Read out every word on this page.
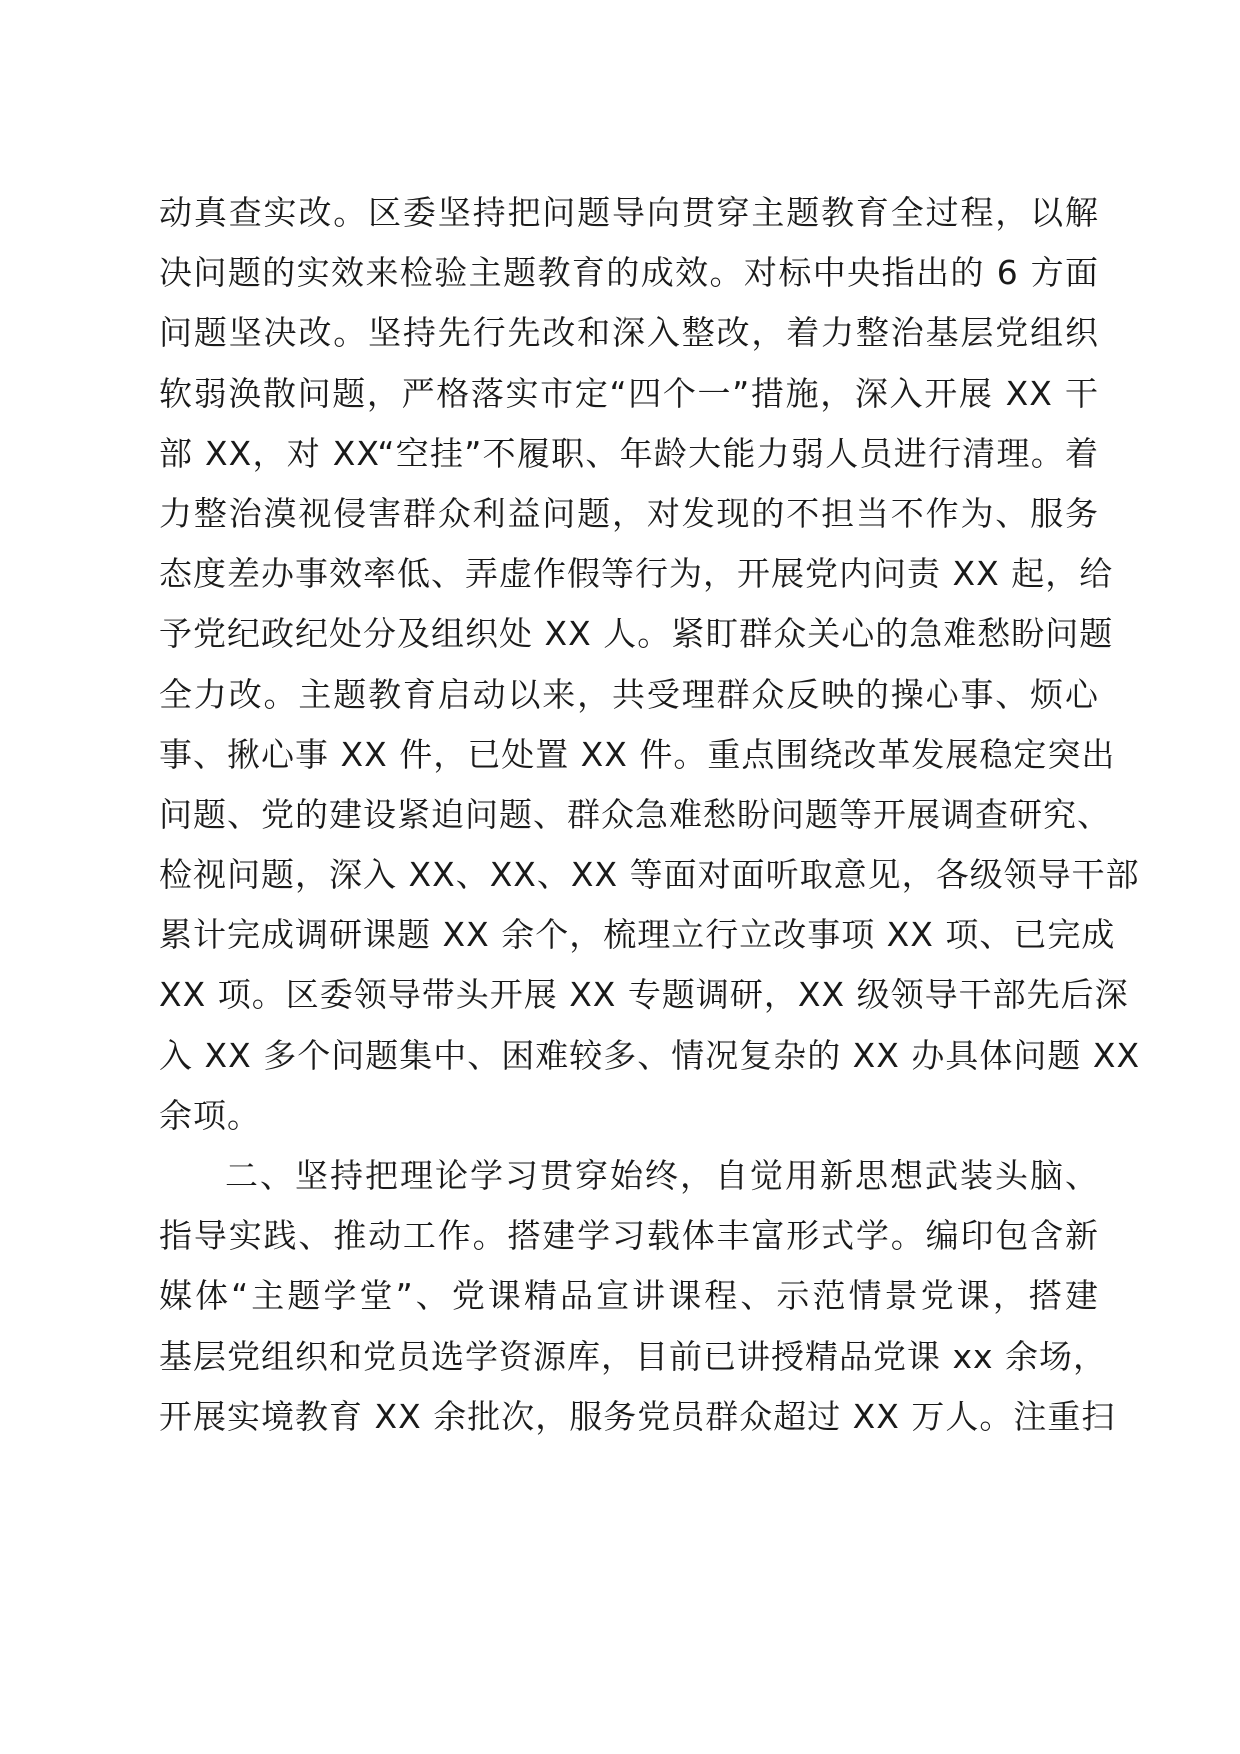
动真查实改。区委坚持把问题导向贯穿主题教育全过程，以解
决问题的实效来检验主题教育的成效。对标中央指出的 6 方面
问题坚决改。坚持先行先改和深入整改，着力整治基层党组织
软弱涣散问题，严格落实市定“四个一”措施，深入开展 XX 干
部 XX，对 XX“空挂”不履职、年龄大能力弱人员进行清理。着
力整治漠视侵害群众利益问题，对发现的不担当不作为、服务
态度差办事效率低、弄虚作假等行为，开展党内问责 XX 起，给
予党纪政纪处分及组织处 XX 人。紧盯群众关心的急难愁盼问题
全力改。主题教育启动以来，共受理群众反映的操心事、烦心
事、揪心事 XX 件，已处置 XX 件。重点围绕改革发展稳定突出
问题、党的建设紧迫问题、群众急难愁盼问题等开展调查研究、
检视问题，深入 XX、XX、XX 等面对面听取意见，各级领导干部
累计完成调研课题 XX 余个，梳理立行立改事项 XX 项、已完成
XX 项。区委领导带头开展 XX 专题调研，XX 级领导干部先后深
入 XX 多个问题集中、困难较多、情况复杂的 XX 办具体问题 XX
余项。
二、坚持把理论学习贯穿始终，自觉用新思想武装头脑、
指导实践、推动工作。搭建学习载体丰富形式学。编印包含新
媒体“主题学堂”、党课精品宣讲课程、示范情景党课，搭建
基层党组织和党员选学资源库，目前已讲授精品党课 xx 余场，
开展实境教育 XX 余批次，服务党员群众超过 XX 万人。注重扫
